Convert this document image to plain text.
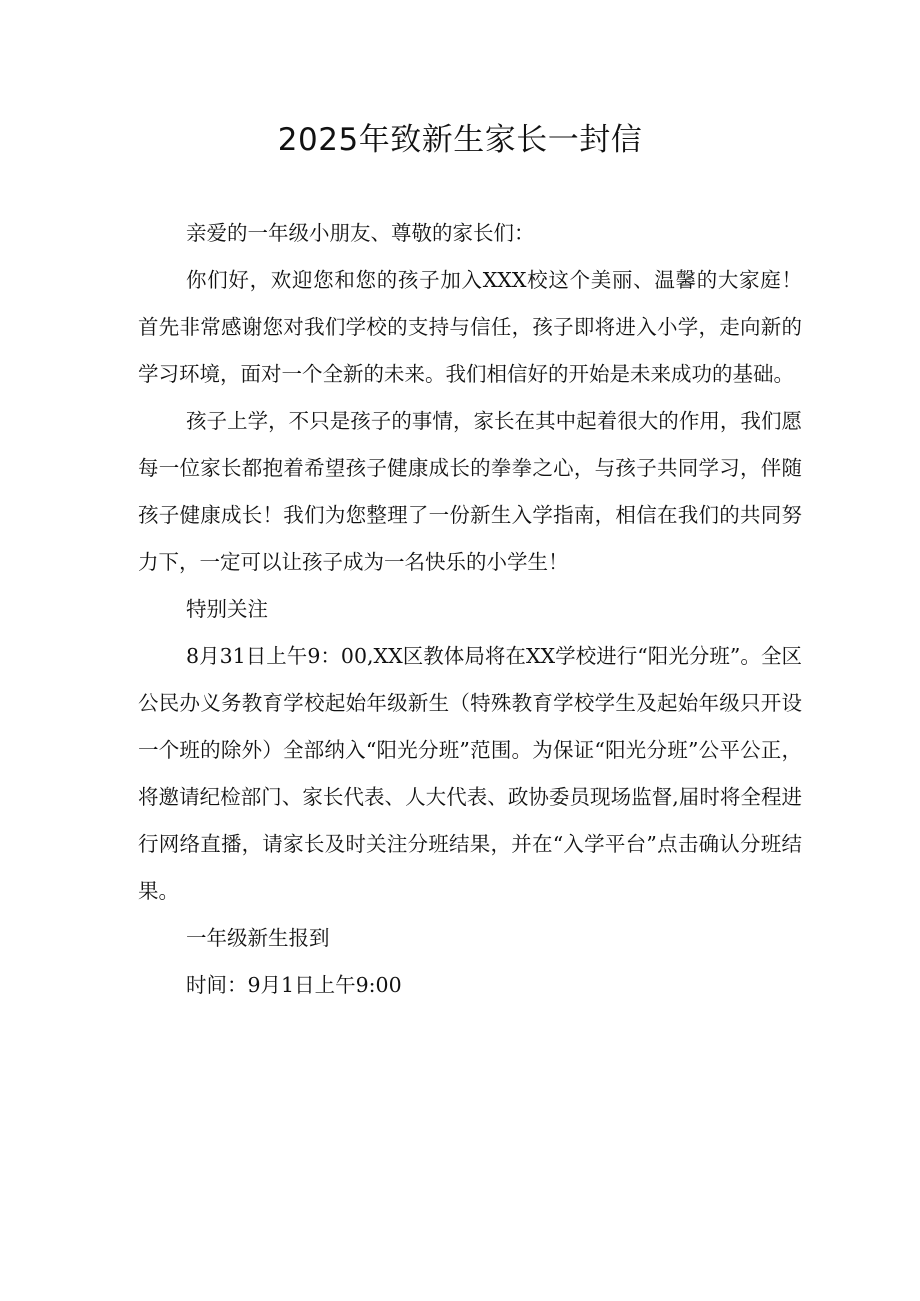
2025年致新生家长一封信

亲爱的一年级小朋友、尊敬的家长们：

你们好，欢迎您和您的孩子加入XXX校这个美丽、温馨的大家庭！首先非常感谢您对我们学校的支持与信任，孩子即将进入小学，走向新的学习环境，面对一个全新的未来。我们相信好的开始是未来成功的基础。

孩子上学，不只是孩子的事情，家长在其中起着很大的作用，我们愿每一位家长都抱着希望孩子健康成长的拳拳之心，与孩子共同学习，伴随孩子健康成长！我们为您整理了一份新生入学指南，相信在我们的共同努力下，一定可以让孩子成为一名快乐的小学生！

特别关注

8月31日上午9：00,XX区教体局将在XX学校进行“阳光分班”。全区公民办义务教育学校起始年级新生（特殊教育学校学生及起始年级只开设一个班的除外）全部纳入“阳光分班”范围。为保证“阳光分班”公平公正，将邀请纪检部门、家长代表、人大代表、政协委员现场监督,届时将全程进行网络直播，请家长及时关注分班结果，并在“入学平台”点击确认分班结果。

一年级新生报到

时间：9月1日上午9:00
